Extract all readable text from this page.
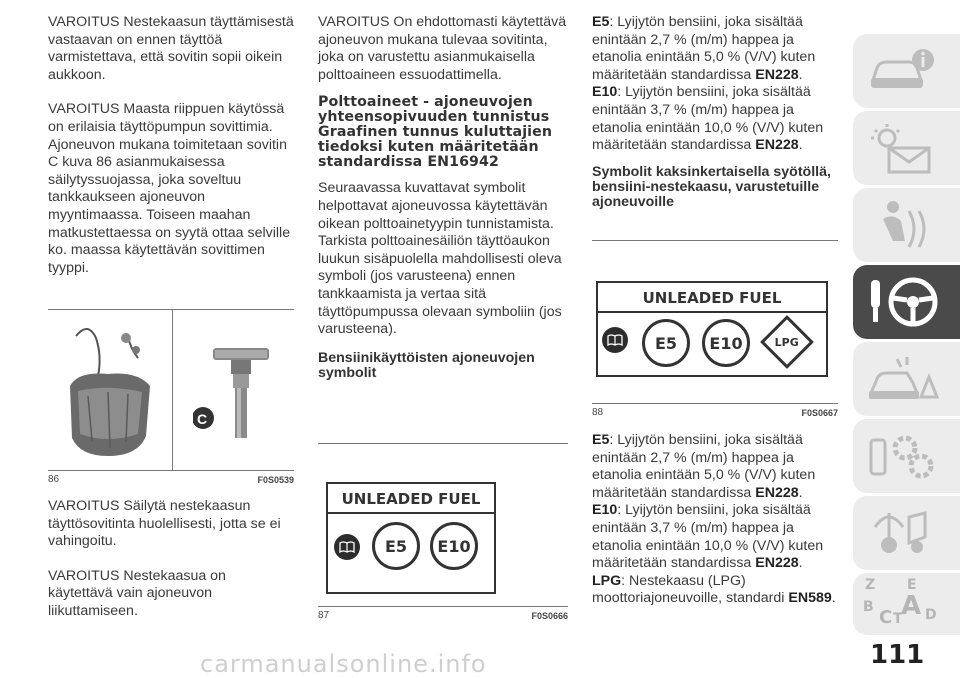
VAROITUS Nestekaasun täyttämisestä vastaavan on ennen täyttöä varmistettava, että sovitin sopii oikein aukkoon.

VAROITUS Maasta riippuen käytössä on erilaisia täyttöpumpun sovittimia. Ajoneuvon mukana toimitetaan sovitin C kuva 86 asianmukaisessa säilytyssuojassa, joka soveltuu tankkaukseen ajoneuvon myyntimaassa. Toiseen maahan matkustettaessa on syytä ottaa selville ko. maassa käytettävän sovittimen tyyppi.

C
86	F0S0539

VAROITUS Säilytä nestekaasun täyttösovitinta huolellisesti, jotta se ei vahingoitu.

VAROITUS Nestekaasua on käytettävä vain ajoneuvon liikuttamiseen.

VAROITUS On ehdottomasti käytettävä ajoneuvon mukana tulevaa sovitinta, joka on varustettu asianmukaisella polttoaineen essuodattimella.

Polttoaineet - ajoneuvojen yhteensopivuuden tunnistus Graafinen tunnus kuluttajien tiedoksi kuten määritetään standardissa EN16942

Seuraavassa kuvattavat symbolit helpottavat ajoneuvossa käytettävän oikean polttoainetyypin tunnistamista. Tarkista polttoainesäiliön täyttöaukon luukun sisäpuolella mahdollisesti oleva symboli (jos varusteena) ennen tankkaamista ja vertaa sitä täyttöpumpussa olevaan symboliin (jos varusteena).

Bensiinikäyttöisten ajoneuvojen symbolit
UNLEADED FUEL
E5 E10
87	F0S0666

E5: Lyijytön bensiini, joka sisältää enintään 2,7 % (m/m) happea ja etanolia enintään 5,0 % (V/V) kuten määritetään standardissa EN228.

E10: Lyijytön bensiini, joka sisältää enintään 3,7 % (m/m) happea ja etanolia enintään 10,0 % (V/V) kuten määritetään standardissa EN228.

Symbolit kaksinkertaisella syötöllä, bensiini-nestekaasu, varustetuille ajoneuvoille
UNLEADED FUEL
E5 E10	LPG
88	F0S0667

E5: Lyijytön bensiini, joka sisältää enintään 2,7 % (m/m) happea ja etanolia enintään 5,0 % (V/V) kuten määritetään standardissa EN228.

E10: Lyijytön bensiini, joka sisältää enintään 3,7 % (m/m) happea ja etanolia enintään 10,0 % (V/V) kuten määritetään standardissa EN228.

LPG: Nestekaasu (LPG) moottoriajoneuvoille, standardi EN589.

Z E
B A
C T D
111
carmanualsonline.info
